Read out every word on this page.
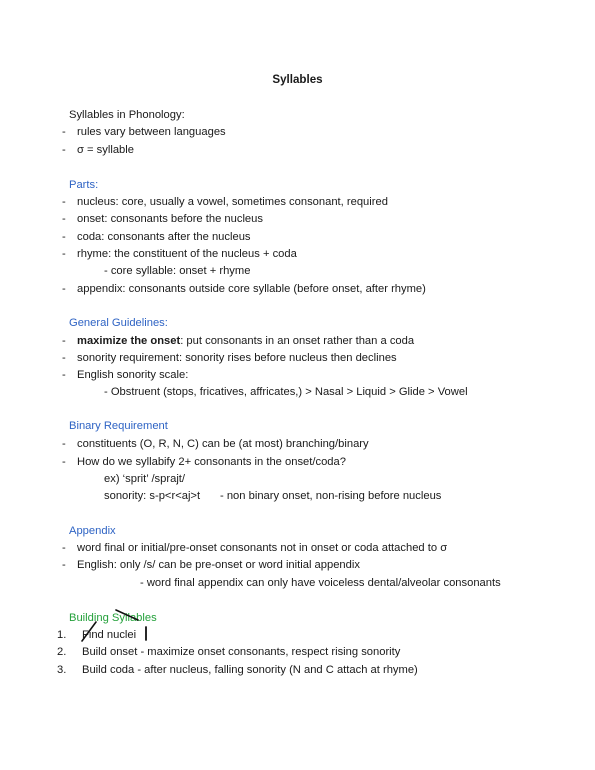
Syllables
Syllables in Phonology:
- rules vary between languages
- σ = syllable
Parts:
- nucleus: core, usually a vowel, sometimes consonant, required
- onset: consonants before the nucleus
- coda: consonants after the nucleus
- rhyme: the constituent of the nucleus + coda
- core syllable: onset + rhyme
- appendix: consonants outside core syllable (before onset, after rhyme)
General Guidelines:
- maximize the onset: put consonants in an onset rather than a coda
- sonority requirement: sonority rises before nucleus then declines
- English sonority scale:
- Obstruent (stops, fricatives, affricates,) > Nasal > Liquid > Glide > Vowel
Binary Requirement
- constituents (O, R, N, C) can be (at most) branching/binary
- How do we syllabify 2+ consonants in the onset/coda?
ex) ‘sprit’ /sprajt/
sonority: s-p<r<aj>t - non binary onset, non-rising before nucleus
Appendix
- word final or initial/pre-onset consonants not in onset or coda attached to σ
- English: only /s/ can be pre-onset or word initial appendix
- word final appendix can only have voiceless dental/alveolar consonants
Building Syllables
1. Find nuclei
2. Build onset - maximize onset consonants, respect rising sonority
3. Build coda - after nucleus, falling sonority (N and C attach at rhyme)
